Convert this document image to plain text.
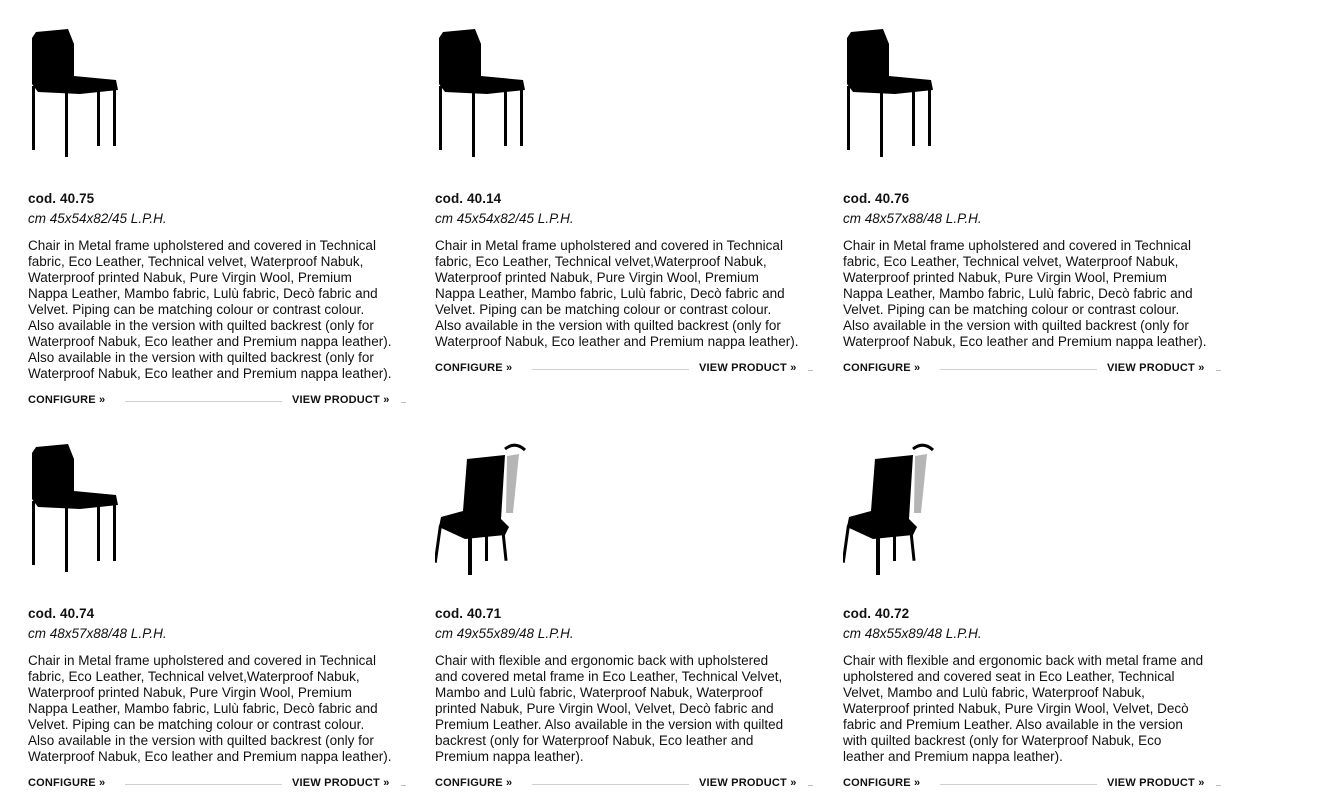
cod. 40.75
cm 45x54x82/45 L.P.H.

Chair in Metal frame upholstered and covered in Technical
fabric, Eco Leather, Technical velvet, Waterproof Nabuk,
Waterproof printed Nabuk, Pure Virgin Wool, Premium
Nappa Leather, Mambo fabric, Lulù fabric, Decò fabric and
Velvet. Piping can be matching colour or contrast colour.
Also available in the version with quilted backrest (only for
Waterproof Nabuk, Eco leather and Premium nappa leather).
Also available in the version with quilted backrest (only for
Waterproof Nabuk, Eco leather and Premium nappa leather).

CONFIGURE »	VIEW PRODUCT »
cod. 40.14
cm 45x54x82/45 L.P.H.

Chair in Metal frame upholstered and covered in Technical
fabric, Eco Leather, Technical velvet,Waterproof Nabuk,
Waterproof printed Nabuk, Pure Virgin Wool, Premium
Nappa Leather, Mambo fabric, Lulù fabric, Decò fabric and
Velvet. Piping can be matching colour or contrast colour.
Also available in the version with quilted backrest (only for
Waterproof Nabuk, Eco leather and Premium nappa leather).

CONFIGURE »	VIEW PRODUCT »
cod. 40.76
cm 48x57x88/48 L.P.H.

Chair in Metal frame upholstered and covered in Technical
fabric, Eco Leather, Technical velvet, Waterproof Nabuk,
Waterproof printed Nabuk, Pure Virgin Wool, Premium
Nappa Leather, Mambo fabric, Lulù fabric, Decò fabric and
Velvet. Piping can be matching colour or contrast colour.
Also available in the version with quilted backrest (only for
Waterproof Nabuk, Eco leather and Premium nappa leather).

CONFIGURE »	VIEW PRODUCT »
cod. 40.74
cm 48x57x88/48 L.P.H.

Chair in Metal frame upholstered and covered in Technical
fabric, Eco Leather, Technical velvet,Waterproof Nabuk,
Waterproof printed Nabuk, Pure Virgin Wool, Premium
Nappa Leather, Mambo fabric, Lulù fabric, Decò fabric and
Velvet. Piping can be matching colour or contrast colour.
Also available in the version with quilted backrest (only for
Waterproof Nabuk, Eco leather and Premium nappa leather).

CONFIGURE »	VIEW PRODUCT »
cod. 40.71
cm 49x55x89/48 L.P.H.

Chair with flexible and ergonomic back with upholstered
and covered metal frame in Eco Leather, Technical Velvet,
Mambo and Lulù fabric, Waterproof Nabuk, Waterproof
printed Nabuk, Pure Virgin Wool, Velvet, Decò fabric and
Premium Leather. Also available in the version with quilted
backrest (only for Waterproof Nabuk, Eco leather and
Premium nappa leather).

CONFIGURE »	VIEW PRODUCT »
cod. 40.72
cm 48x55x89/48 L.P.H.

Chair with flexible and ergonomic back with metal frame and
upholstered and covered seat in Eco Leather, Technical
Velvet, Mambo and Lulù fabric, Waterproof Nabuk,
Waterproof printed Nabuk, Pure Virgin Wool, Velvet, Decò
fabric and Premium Leather. Also available in the version
with quilted backrest (only for Waterproof Nabuk, Eco
leather and Premium nappa leather).

CONFIGURE »	VIEW PRODUCT »
